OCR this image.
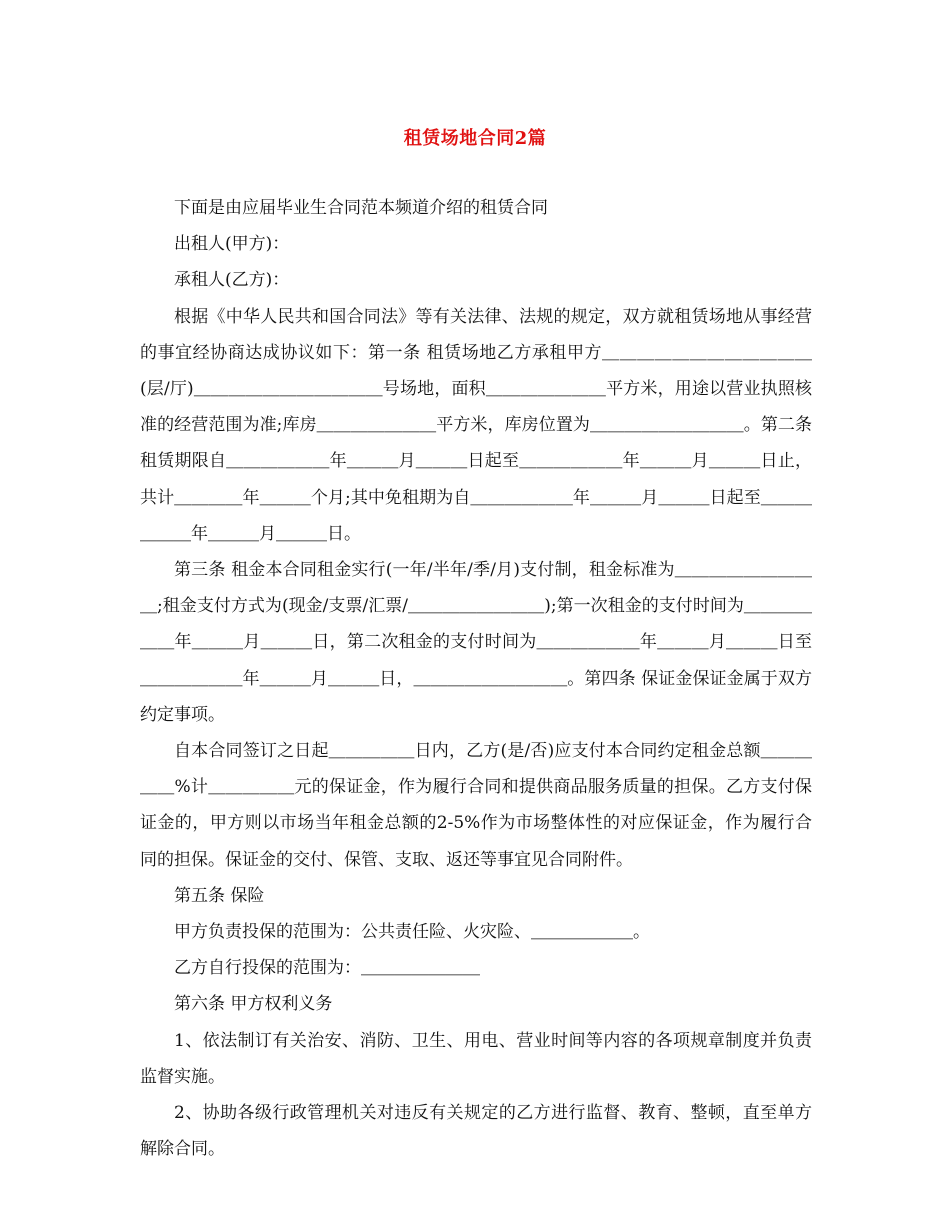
租赁场地合同2篇

下面是由应届毕业生合同范本频道介绍的租赁合同

出租人(甲方)：

承租人(乙方)：

根据《中华人民共和国合同法》等有关法律、法规的规定，双方就租赁场地从事经营的事宜经协商达成协议如下：第一条 租赁场地乙方承租甲方＿＿＿＿＿＿＿＿＿＿＿＿(层/厅)＿＿＿＿＿＿＿＿＿＿＿号场地，面积＿＿＿＿＿＿＿平方米，用途以营业执照核准的经营范围为准;库房＿＿＿＿＿＿＿平方米，库房位置为＿＿＿＿＿＿＿＿＿。第二条 租赁期限自＿＿＿＿＿＿年＿＿＿月＿＿＿日起至＿＿＿＿＿＿年＿＿＿月＿＿＿日止，共计＿＿＿＿年＿＿＿个月;其中免租期为自＿＿＿＿＿＿年＿＿＿月＿＿＿日起至＿＿＿＿＿＿年＿＿＿月＿＿＿日。

第三条 租金本合同租金实行(一年/半年/季/月)支付制，租金标准为＿＿＿＿＿＿＿＿＿;租金支付方式为(现金/支票/汇票/＿＿＿＿＿＿＿＿);第一次租金的支付时间为＿＿＿＿＿＿年＿＿＿月＿＿＿日，第二次租金的支付时间为＿＿＿＿＿＿年＿＿＿月＿＿＿日至＿＿＿＿＿＿年＿＿＿月＿＿＿日，＿＿＿＿＿＿＿＿＿。第四条 保证金保证金属于双方约定事项。

自本合同签订之日起＿＿＿＿＿日内，乙方(是/否)应支付本合同约定租金总额＿＿＿＿＿%计＿＿＿＿＿元的保证金，作为履行合同和提供商品服务质量的担保。乙方支付保证金的，甲方则以市场当年租金总额的2-5%作为市场整体性的对应保证金，作为履行合同的担保。保证金的交付、保管、支取、返还等事宜见合同附件。

第五条 保险

甲方负责投保的范围为：公共责任险、火灾险、＿＿＿＿＿＿。

乙方自行投保的范围为：＿＿＿＿＿＿＿

第六条 甲方权利义务

1、依法制订有关治安、消防、卫生、用电、营业时间等内容的各项规章制度并负责监督实施。

2、协助各级行政管理机关对违反有关规定的乙方进行监督、教育、整顿，直至单方解除合同。
